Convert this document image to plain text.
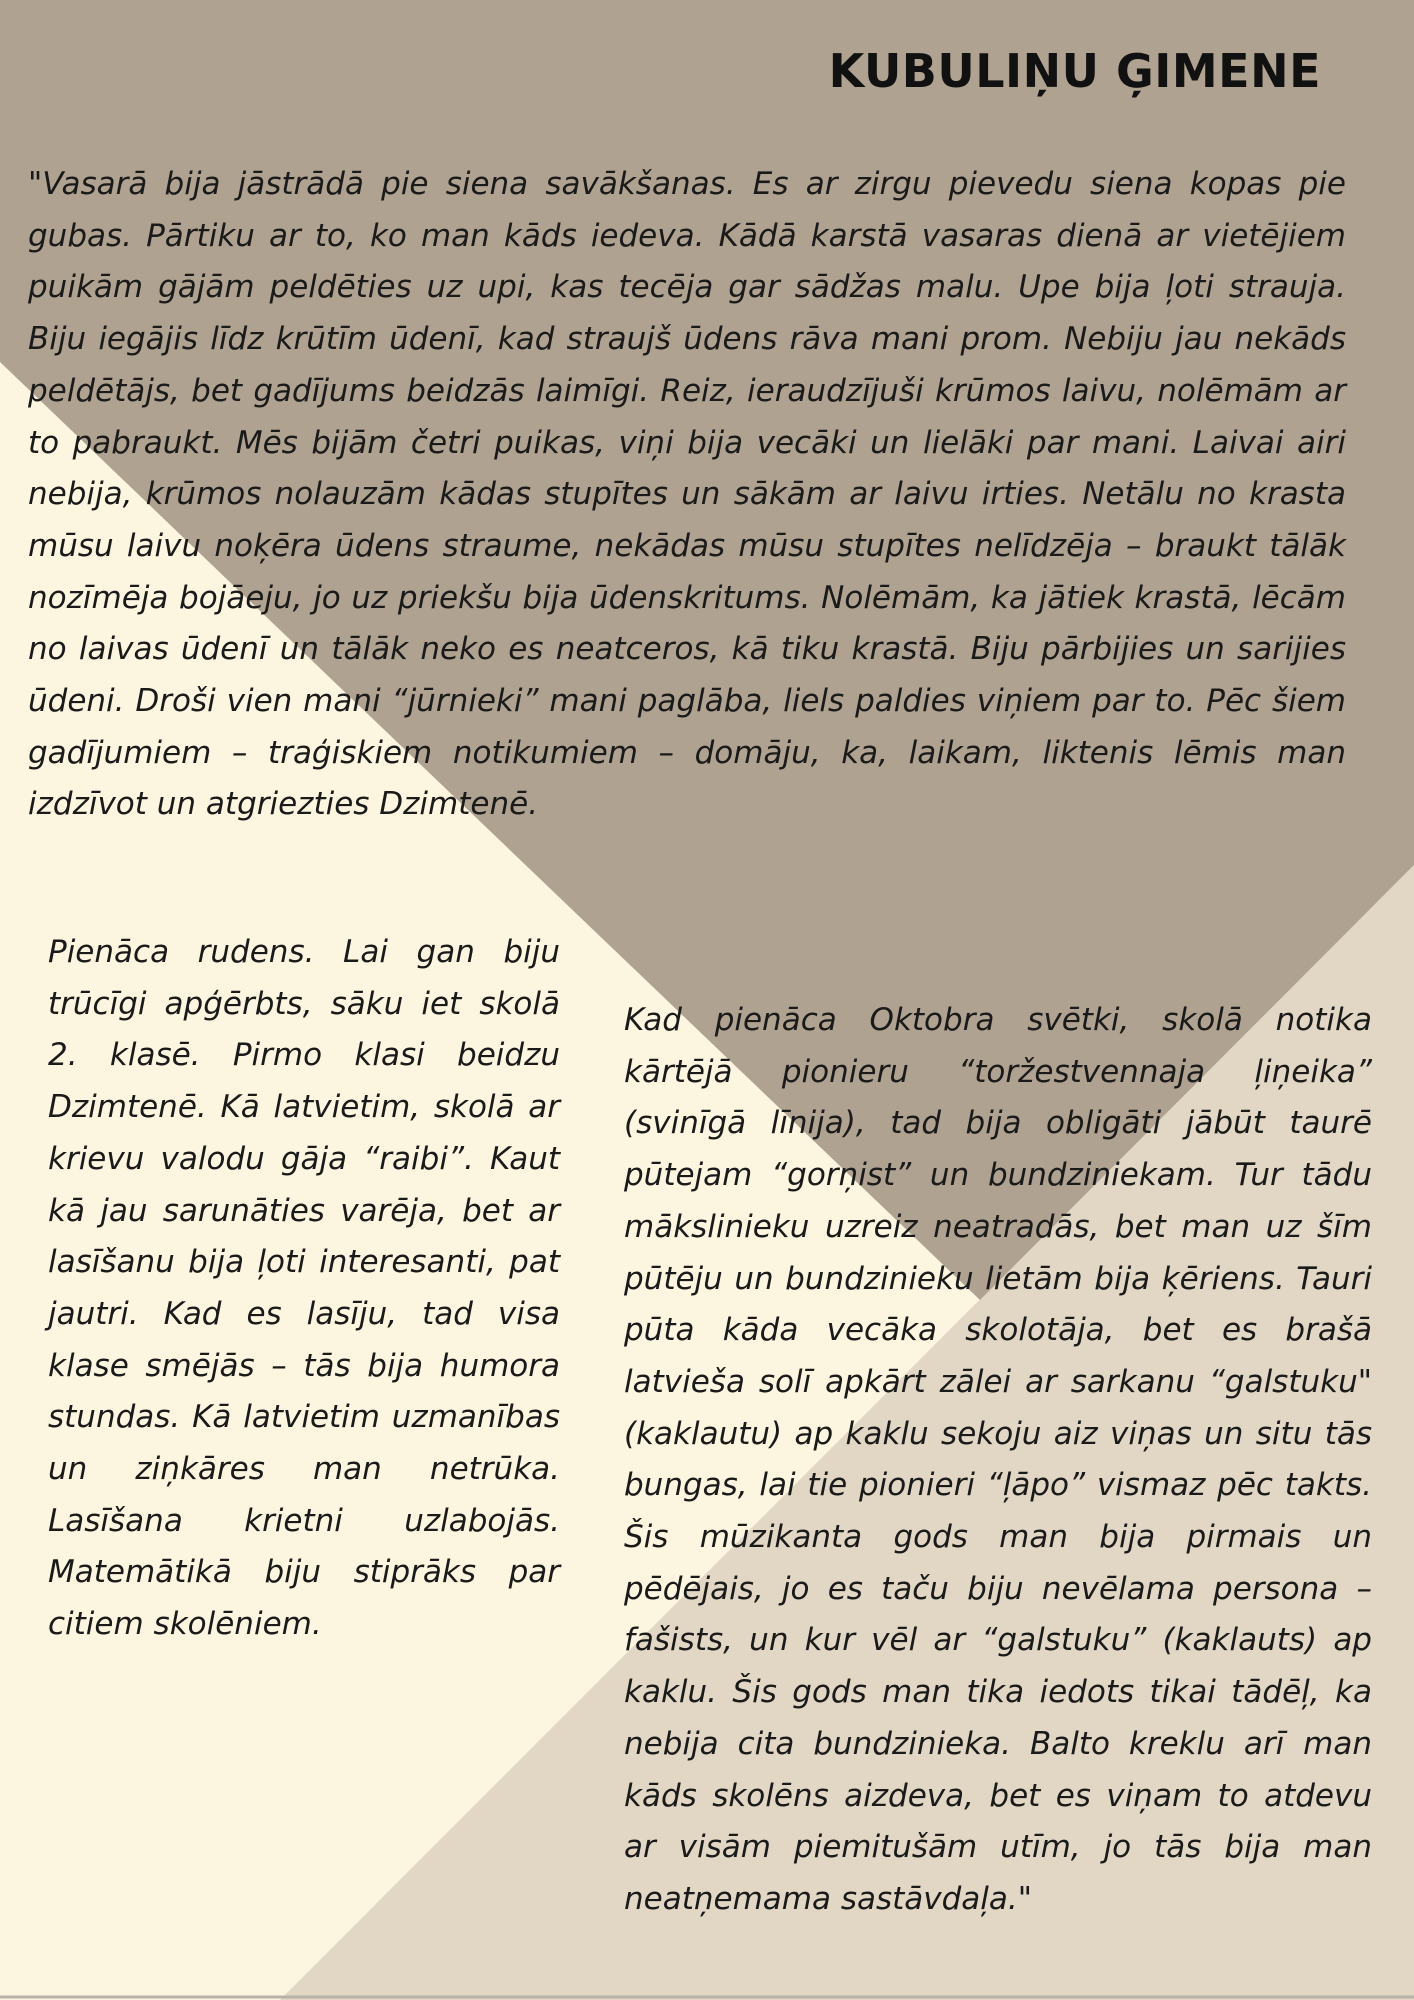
KUBULIŅU ĢIMENE

"Vasarā bija jāstrādā pie siena savākšanas. Es ar zirgu pievedu siena kopas pie gubas. Pārtiku ar to, ko man kāds iedeva. Kādā karstā vasaras dienā ar vietējiem puikām gājām peldēties uz upi, kas tecēja gar sādžas malu. Upe bija ļoti strauja. Biju iegājis līdz krūtīm ūdenī, kad straujš ūdens rāva mani prom. Nebiju jau nekāds peldētājs, bet gadījums beidzās laimīgi. Reiz, ieraudzījuši krūmos laivu, nolēmām ar to pabraukt. Mēs bijām četri puikas, viņi bija vecāki un lielāki par mani. Laivai airi nebija, krūmos nolauzām kādas stupītes un sākām ar laivu irties. Netālu no krasta mūsu laivu noķēra ūdens straume, nekādas mūsu stupītes nelīdzēja – braukt tālāk nozīmēja bojāeju, jo uz priekšu bija ūdenskritums. Nolēmām, ka jātiek krastā, lēcām no laivas ūdenī un tālāk neko es neatceros, kā tiku krastā. Biju pārbijies un sarijies ūdeni. Droši vien mani “jūrnieki” mani paglāba, liels paldies viņiem par to. Pēc šiem gadījumiem – traģiskiem notikumiem – domāju, ka, laikam, liktenis lēmis man izdzīvot un atgriezties Dzimtenē.

Pienāca rudens. Lai gan biju trūcīgi apģērbts, sāku iet skolā 2. klasē. Pirmo klasi beidzu Dzimtenē. Kā latvietim, skolā ar krievu valodu gāja “raibi”. Kaut kā jau sarunāties varēja, bet ar lasīšanu bija ļoti interesanti, pat jautri. Kad es lasīju, tad visa klase smējās – tās bija humora stundas. Kā latvietim uzmanības un ziņkāres man netrūka. Lasīšana krietni uzlabojās. Matemātikā biju stiprāks par citiem skolēniem.

Kad pienāca Oktobra svētki, skolā notika kārtējā pionieru “toržestvennaja ļiņeika” (svinīgā līnija), tad bija obligāti jābūt taurē pūtejam “gorņist” un bundziniekam. Tur tādu mākslinieku uzreiz neatradās, bet man uz šīm pūtēju un bundzinieku lietām bija ķēriens. Tauri pūta kāda vecāka skolotāja, bet es brašā latvieša solī apkārt zālei ar sarkanu “galstuku" (kaklautu) ap kaklu sekoju aiz viņas un situ tās bungas, lai tie pionieri “ļāpo” vismaz pēc takts. Šis mūzikanta gods man bija pirmais un pēdējais, jo es taču biju nevēlama persona – fašists, un kur vēl ar “galstuku” (kaklauts) ap kaklu. Šis gods man tika iedots tikai tādēļ, ka nebija cita bundzinieka. Balto kreklu arī man kāds skolēns aizdeva, bet es viņam to atdevu ar visām piemitušām utīm, jo tās bija man neatņemama sastāvdaļa."
